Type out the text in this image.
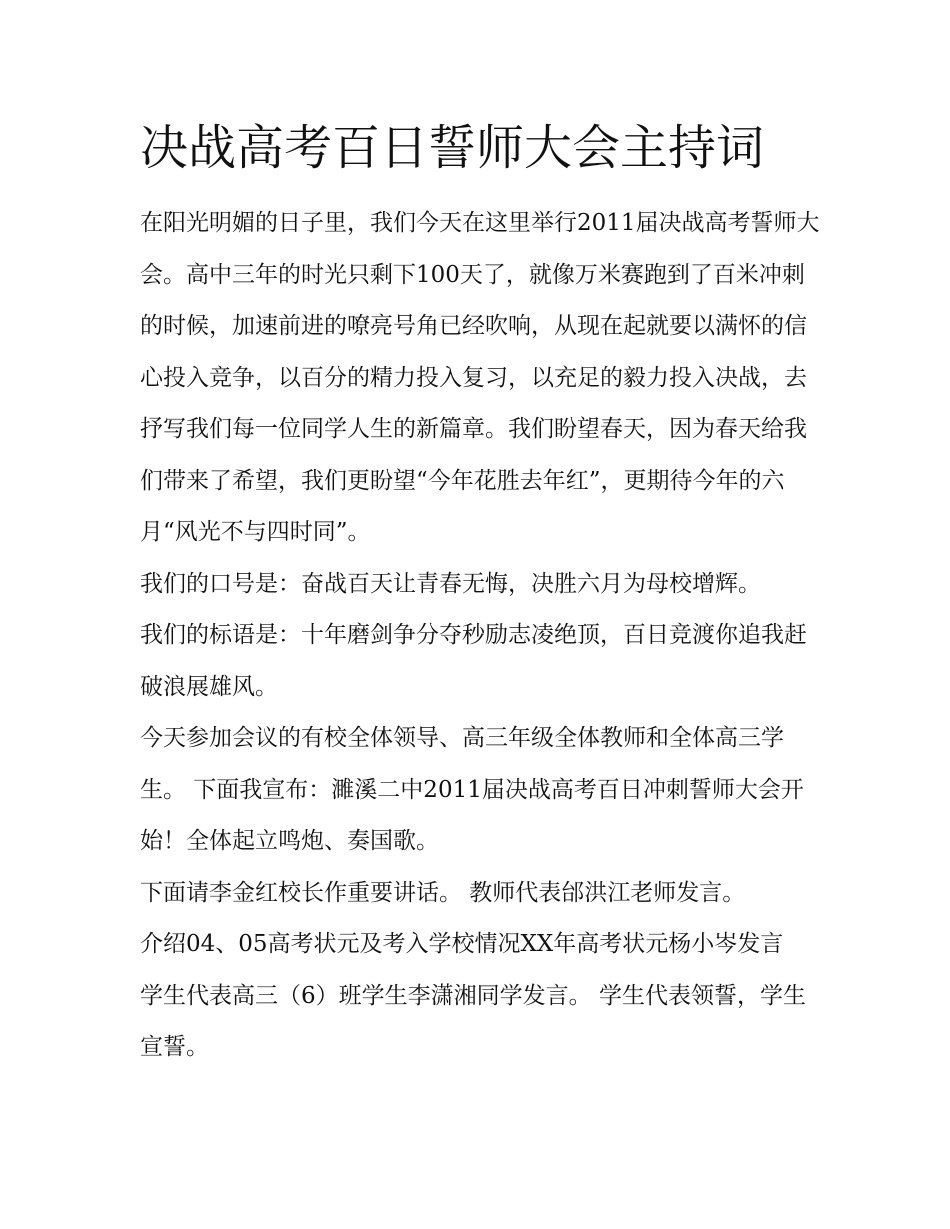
决战高考百日誓师大会主持词

在阳光明媚的日子里，我们今天在这里举行2011届决战高考誓师大会。高中三年的时光只剩下100天了，就像万米赛跑到了百米冲刺的时候，加速前进的嘹亮号角已经吹响，从现在起就要以满怀的信心投入竞争，以百分的精力投入复习，以充足的毅力投入决战，去抒写我们每一位同学人生的新篇章。我们盼望春天，因为春天给我们带来了希望，我们更盼望“今年花胜去年红”，更期待今年的六月“风光不与四时同”。

我们的口号是：奋战百天让青春无悔，决胜六月为母校增辉。

我们的标语是：十年磨剑争分夺秒励志凌绝顶，百日竞渡你追我赶破浪展雄风。

今天参加会议的有校全体领导、高三年级全体教师和全体高三学生。 下面我宣布：濉溪二中2011届决战高考百日冲刺誓师大会开始！全体起立鸣炮、奏国歌。

下面请李金红校长作重要讲话。 教师代表邰洪江老师发言。

介绍04、05高考状元及考入学校情况XX年高考状元杨小岑发言

学生代表高三（6）班学生李潇湘同学发言。 学生代表领誓，学生宣誓。
